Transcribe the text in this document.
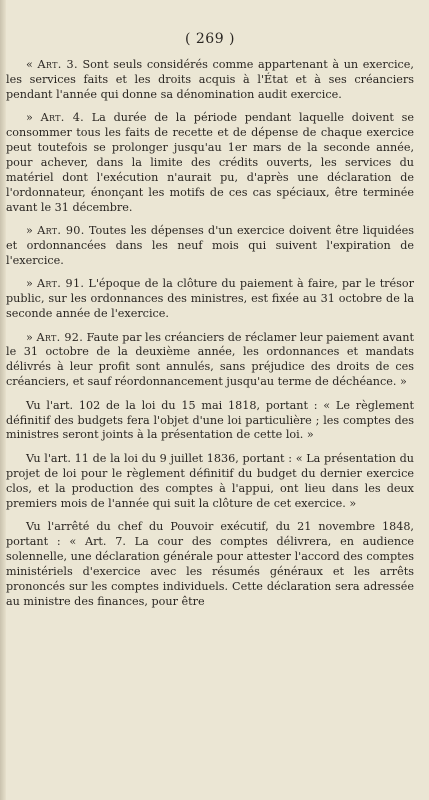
( 269 )

« Art. 3. Sont seuls considérés comme appartenant à un exercice, les services faits et les droits acquis à l'État et à ses créanciers pendant l'année qui donne sa dénomination audit exercice.

» Art. 4. La durée de la période pendant laquelle doivent se consommer tous les faits de recette et de dépense de chaque exercice peut toutefois se prolonger jusqu'au 1er mars de la seconde année, pour achever, dans la limite des crédits ouverts, les services du matériel dont l'exécution n'aurait pu, d'après une déclaration de l'ordonnateur, énonçant les motifs de ces cas spéciaux, être terminée avant le 31 décembre.

» Art. 90. Toutes les dépenses d'un exercice doivent être liquidées et ordonnancées dans les neuf mois qui suivent l'expiration de l'exercice.

» Art. 91. L'époque de la clôture du paiement à faire, par le trésor public, sur les ordonnances des ministres, est fixée au 31 octobre de la seconde année de l'exercice.

» Art. 92. Faute par les créanciers de réclamer leur paiement avant le 31 octobre de la deuxième année, les ordonnances et mandats délivrés à leur profit sont annulés, sans préjudice des droits de ces créanciers, et sauf réordonnancement jusqu'au terme de déchéance. »

Vu l'art. 102 de la loi du 15 mai 1818, portant : « Le règlement définitif des budgets fera l'objet d'une loi particulière ; les comptes des ministres seront joints à la présentation de cette loi. »

Vu l'art. 11 de la loi du 9 juillet 1836, portant : « La présentation du projet de loi pour le règlement définitif du budget du dernier exercice clos, et la production des comptes à l'appui, ont lieu dans les deux premiers mois de l'année qui suit la clôture de cet exercice. »

Vu l'arrêté du chef du Pouvoir exécutif, du 21 novembre 1848, portant : « Art. 7. La cour des comptes délivrera, en audience solennelle, une déclaration générale pour attester l'accord des comptes ministériels d'exercice avec les résumés généraux et les arrêts prononcés sur les comptes individuels. Cette déclaration sera adressée au ministre des finances, pour être
